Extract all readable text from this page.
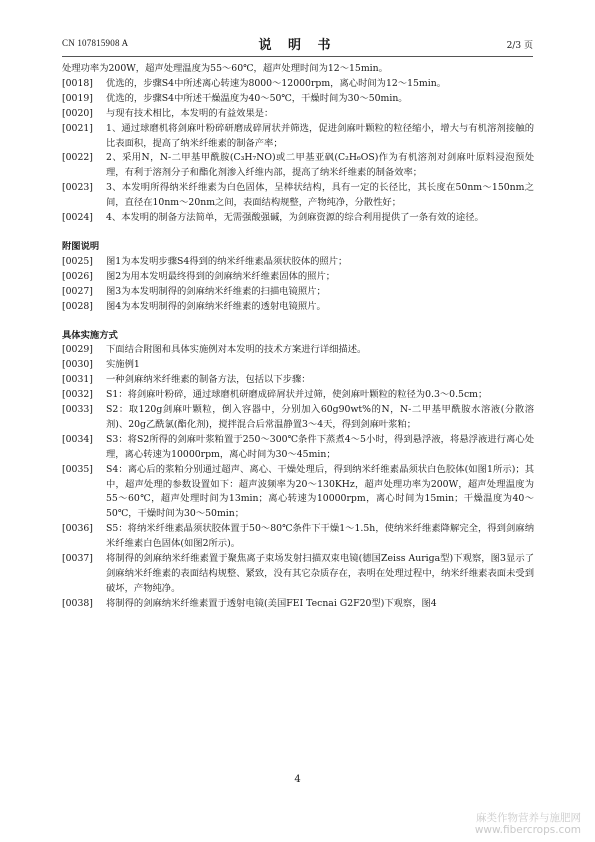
CN 107815908 A	说 明 书	2/3 页
处理功率为200W，超声处理温度为55～60℃，超声处理时间为12～15min。
[0018]	优选的，步骤S4中所述离心转速为8000～12000rpm，离心时间为12～15min。
[0019]	优选的，步骤S4中所述干燥温度为40～50℃，干燥时间为30～50min。
[0020]	与现有技术相比，本发明的有益效果是：
[0021]	1、通过球磨机将剑麻叶粉碎研磨成碎屑状并筛选，促进剑麻叶颗粒的粒径缩小，增大与有机溶剂接触的比表面积，提高了纳米纤维素的制备产率；
[0022]	2、采用N，N-二甲基甲酰胺(C₃H₇NO)或二甲基亚砜(C₂H₆OS)作为有机溶剂对剑麻叶原料浸泡预处理，有利于溶剂分子和酯化剂渗入纤维内部，提高了纳米纤维素的制备效率；
[0023]	3、本发明所得纳米纤维素为白色固体，呈棒状结构，具有一定的长径比，其长度在50nm～150nm之间，直径在10nm～20nm之间，表面结构规整，产物纯净，分散性好；
[0024]	4、本发明的制备方法简单，无需强酸强碱，为剑麻资源的综合利用提供了一条有效的途径。
附图说明
[0025]	图1为本发明步骤S4得到的纳米纤维素晶须状胶体的照片；
[0026]	图2为用本发明最终得到的剑麻纳米纤维素固体的照片；
[0027]	图3为本发明制得的剑麻纳米纤维素的扫描电镜照片；
[0028]	图4为本发明制得的剑麻纳米纤维素的透射电镜照片。
具体实施方式
[0029]	下面结合附图和具体实施例对本发明的技术方案进行详细描述。
[0030]	实施例1
[0031]	一种剑麻纳米纤维素的制备方法，包括以下步骤：
[0032]	S1：将剑麻叶粉碎，通过球磨机研磨成碎屑状并过筛，使剑麻叶颗粒的粒径为0.3～0.5cm；
[0033]	S2：取120g剑麻叶颗粒，倒入容器中，分别加入60g90wt%的N，N-二甲基甲酰胺水溶液(分散溶剂)、20g乙酰氯(酯化剂)，搅拌混合后常温静置3～4天，得到剑麻叶浆粕；
[0034]	S3：将S2所得的剑麻叶浆粕置于250～300℃条件下蒸煮4～5小时，得到悬浮液，将悬浮液进行离心处理，离心转速为10000rpm，离心时间为30～45min；
[0035]	S4：离心后的浆粕分别通过超声、离心、干燥处理后，得到纳米纤维素晶须状白色胶体(如图1所示)；其中，超声处理的参数设置如下：超声波频率为20～130KHz，超声处理功率为200W，超声处理温度为55～60℃，超声处理时间为13min；离心转速为10000rpm，离心时间为15min；干燥温度为40～50℃，干燥时间为30～50min；
[0036]	S5：将纳米纤维素晶须状胶体置于50～80℃条件下干燥1～1.5h，使纳米纤维素降解完全，得到剑麻纳米纤维素白色固体(如图2所示)。
[0037]	将制得的剑麻纳米纤维素置于聚焦离子束场发射扫描双束电镜(德国Zeiss Auriga型)下观察，图3显示了剑麻纳米纤维素的表面结构规整、紧致，没有其它杂质存在，表明在处理过程中，纳米纤维素表面未受到破坏，产物纯净。
[0038]	将制得的剑麻纳米纤维素置于透射电镜(美国FEI Tecnai G2F20型)下观察，图4
4
麻类作物营养与施肥网
www.fibercrops.com
